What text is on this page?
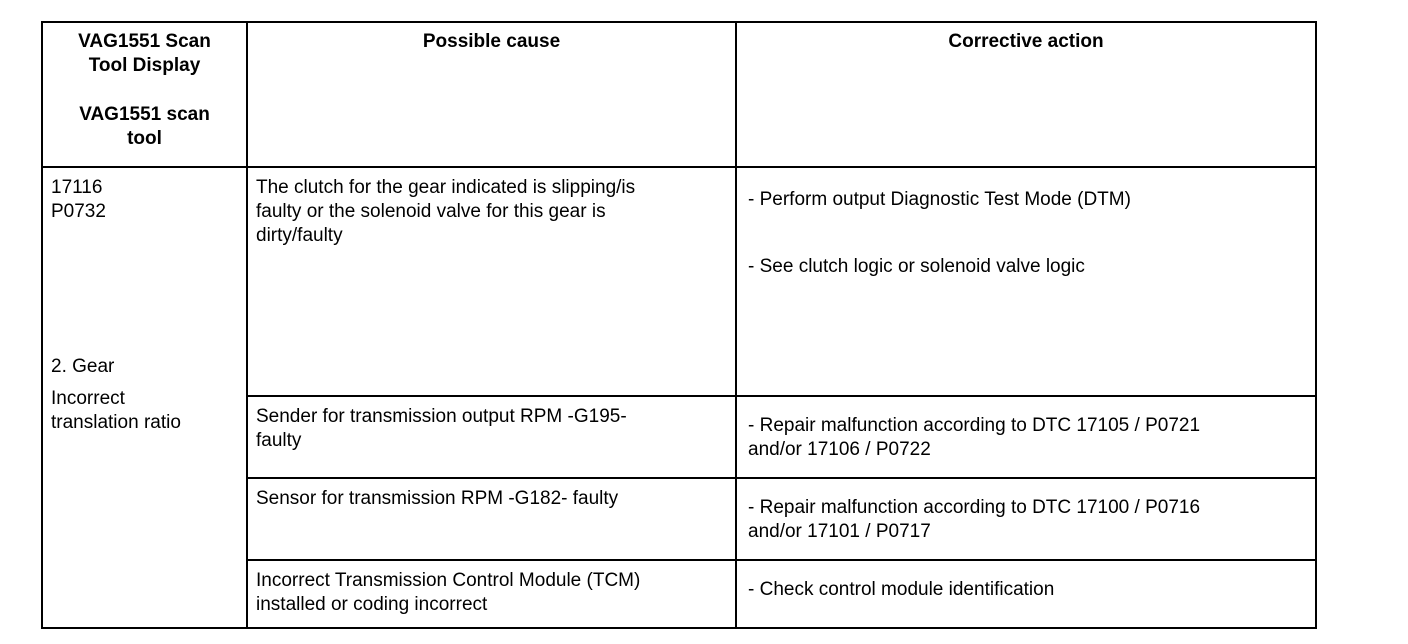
VAG1551 Scan
Tool Display
VAG1551 scan
tool	Possible cause	Corrective action

17116
P0732
2. Gear
Incorrect
translation ratio	The clutch for the gear indicated is slipping/is
faulty or the solenoid valve for this gear is
dirty/faulty	- Perform output Diagnostic Test Mode (DTM)
- See clutch logic or solenoid valve logic

	Sender for transmission output RPM -G195-
faulty	- Repair malfunction according to DTC 17105 / P0721
and/or 17106 / P0722

	Sensor for transmission RPM -G182- faulty	- Repair malfunction according to DTC 17100 / P0716
and/or 17101 / P0717

	Incorrect Transmission Control Module (TCM)
installed or coding incorrect	- Check control module identification
